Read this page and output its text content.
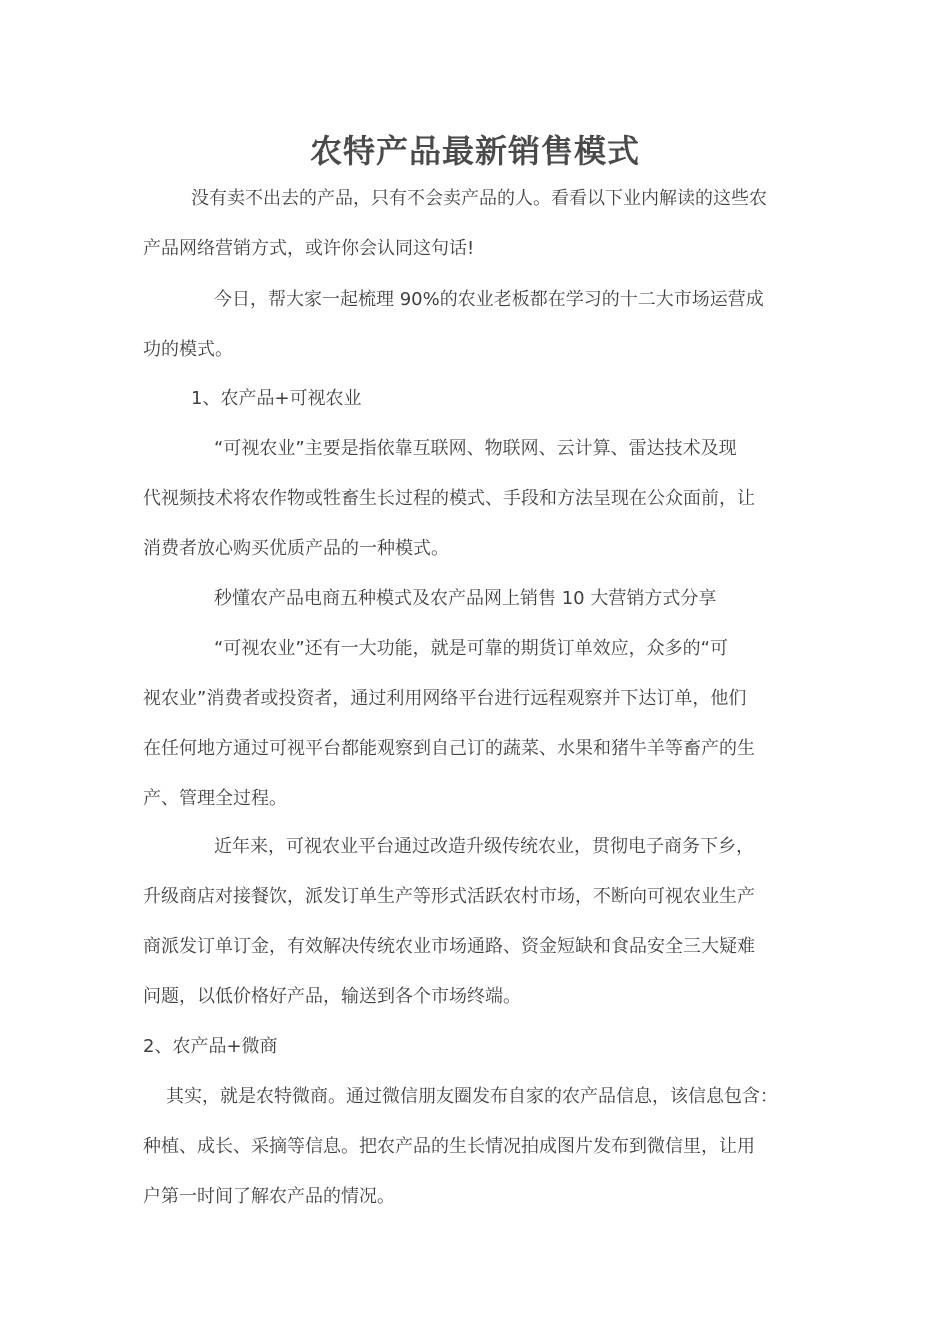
农特产品最新销售模式
没有卖不出去的产品，只有不会卖产品的人。看看以下业内解读的这些农
产品网络营销方式，或许你会认同这句话!
今日，帮大家一起梳理 90%的农业老板都在学习的十二大市场运营成
功的模式。
1、农产品+可视农业
“可视农业”主要是指依靠互联网、物联网、云计算、雷达技术及现
代视频技术将农作物或牲畜生长过程的模式、手段和方法呈现在公众面前，让
消费者放心购买优质产品的一种模式。
秒懂农产品电商五种模式及农产品网上销售 10 大营销方式分享
“可视农业”还有一大功能，就是可靠的期货订单效应，众多的“可
视农业”消费者或投资者，通过利用网络平台进行远程观察并下达订单，他们
在任何地方通过可视平台都能观察到自己订的蔬菜、水果和猪牛羊等畜产的生
产、管理全过程。
近年来，可视农业平台通过改造升级传统农业，贯彻电子商务下乡，
升级商店对接餐饮，派发订单生产等形式活跃农村市场，不断向可视农业生产
商派发订单订金，有效解决传统农业市场通路、资金短缺和食品安全三大疑难
问题，以低价格好产品，输送到各个市场终端。
2、农产品+微商
其实，就是农特微商。通过微信朋友圈发布自家的农产品信息，该信息包含：
种植、成长、采摘等信息。把农产品的生长情况拍成图片发布到微信里，让用
户第一时间了解农产品的情况。
